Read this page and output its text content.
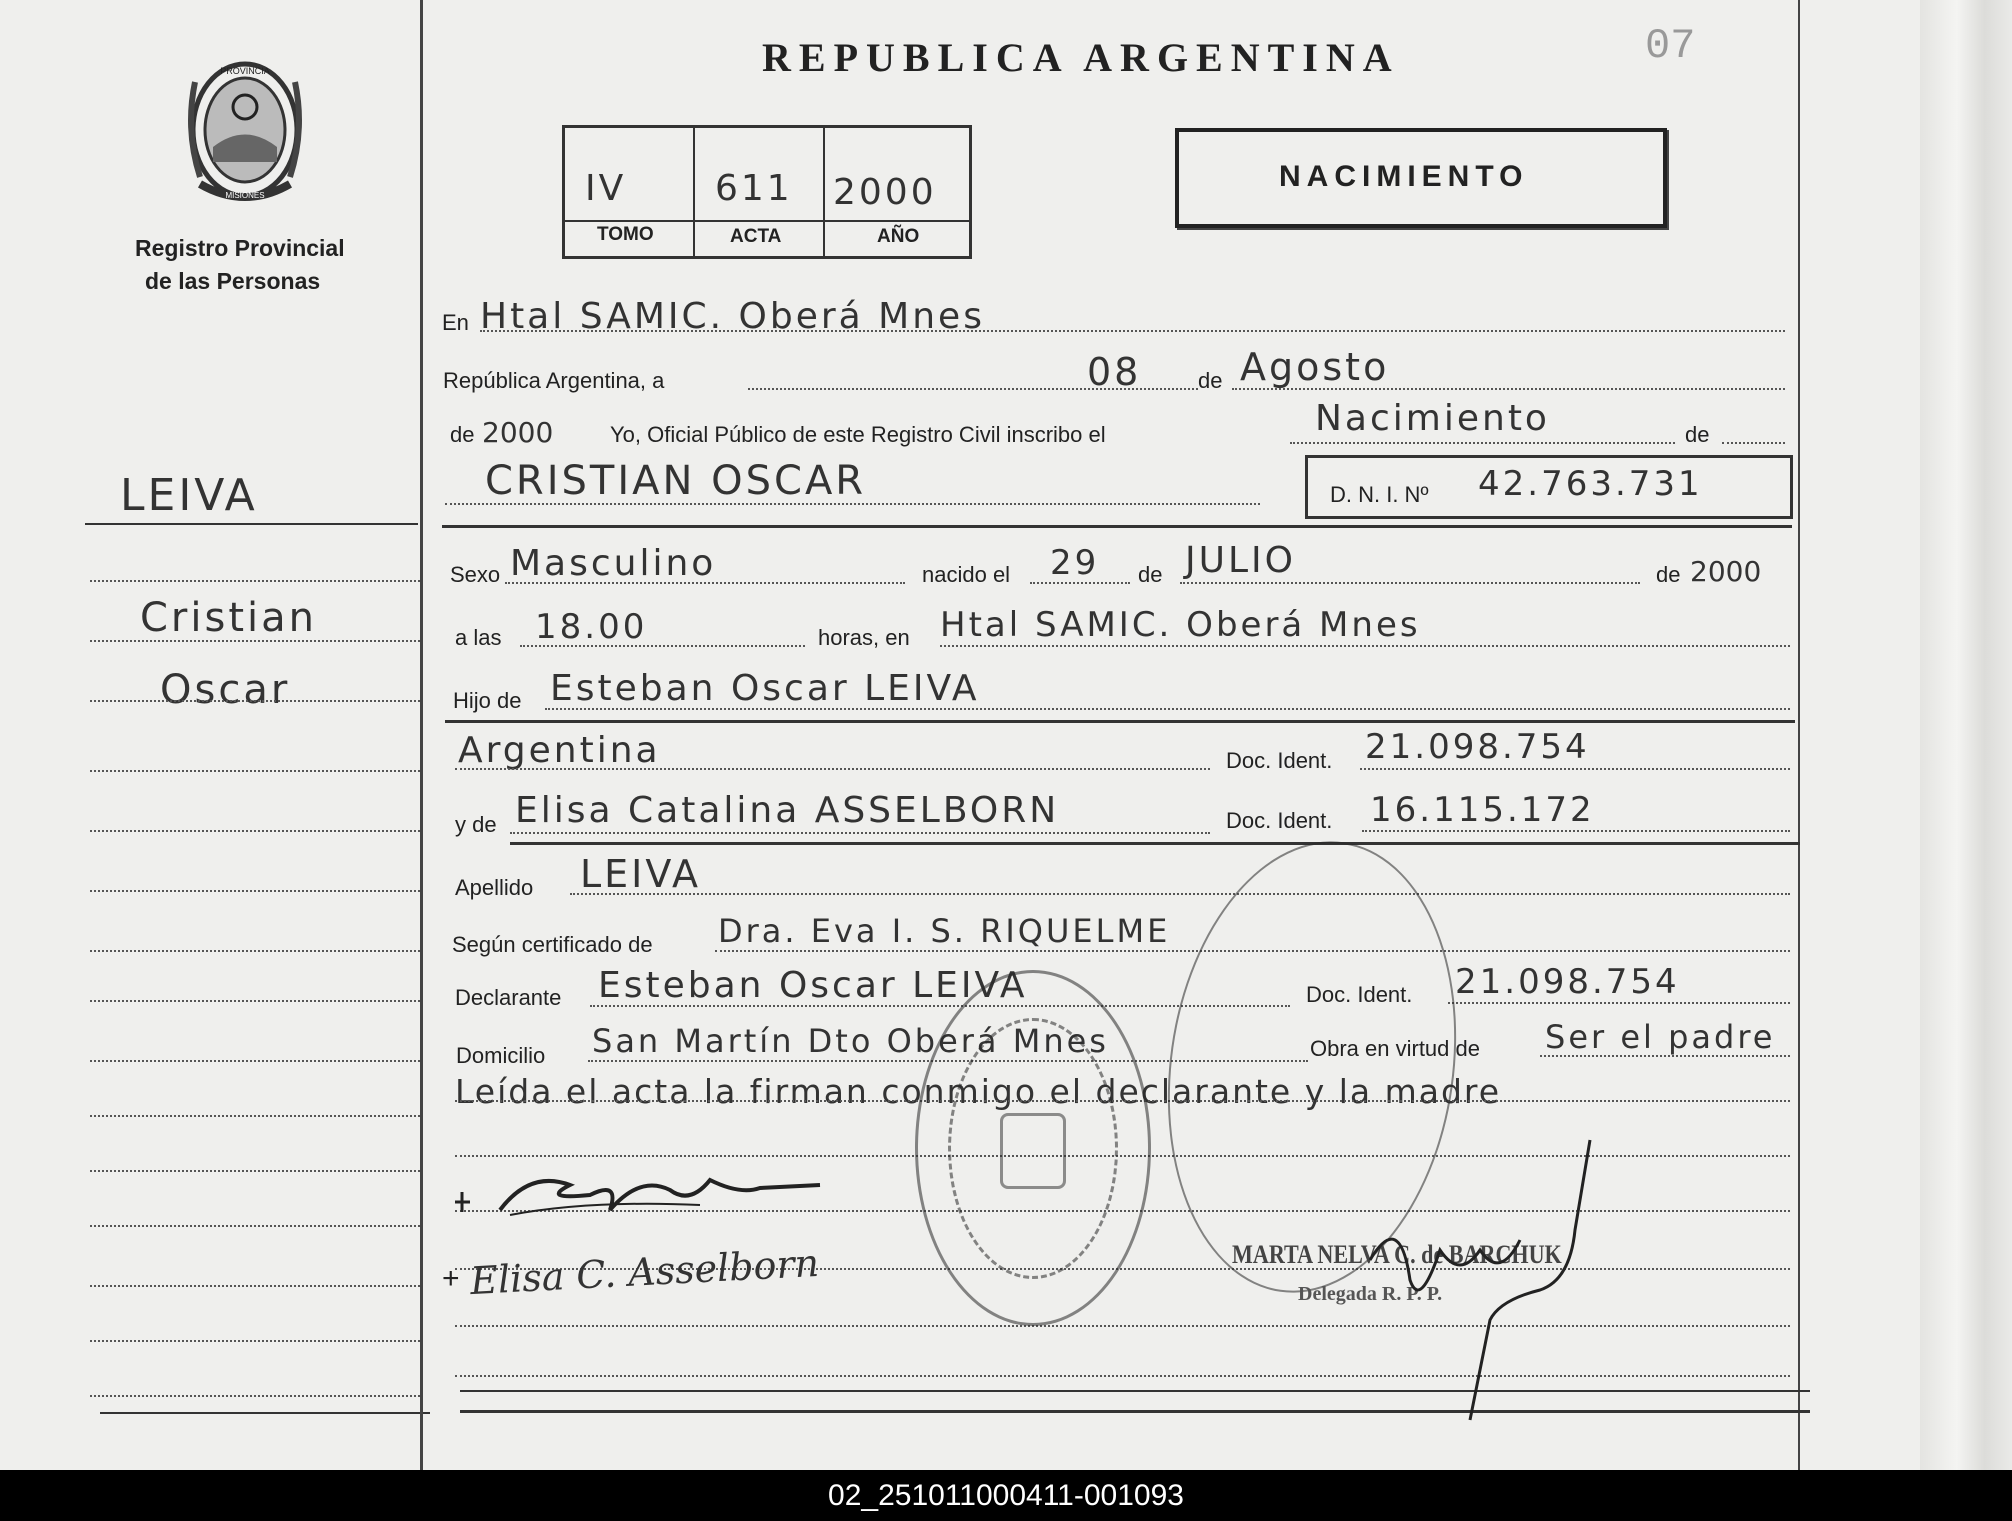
PROVINCIA
MISIONES
Registro Provincial
de las Personas
LEIVA
Cristian
Oscar
REPUBLICA ARGENTINA	07
IV 611 2000
TOMO	ACTA	AÑO
NACIMIENTO
En Htal SAMIC. Oberá Mnes
República Argentina, a	08	de Agosto
de 2000	Yo, Oficial Público de este Registro Civil inscribo el	Nacimiento	de
CRISTIAN OSCAR	D. N. I. Nº 42.763.731
Sexo Masculino	nacido el 29 de JULIO	de 2000
a las 18.00	horas, en Htal SAMIC. Oberá Mnes
Hijo de Esteban Oscar LEIVA
Argentina	Doc. Ident. 21.098.754
y de Elisa Catalina ASSELBORN	Doc. Ident. 16.115.172
Apellido LEIVA
Según certificado de Dra. Eva I. S. RIQUELME
Declarante Esteban Oscar LEIVA	Doc. Ident. 21.098.754
Domicilio San Martín Dto Oberá Mnes	Obra en virtud de Ser el padre
Leída el acta la firman conmigo el declarante y la madre
Elisa C. Asselborn
+
MARTA NELVA C. de BARCHUK
Delegada R. P. P.
02_251011000411-001093
